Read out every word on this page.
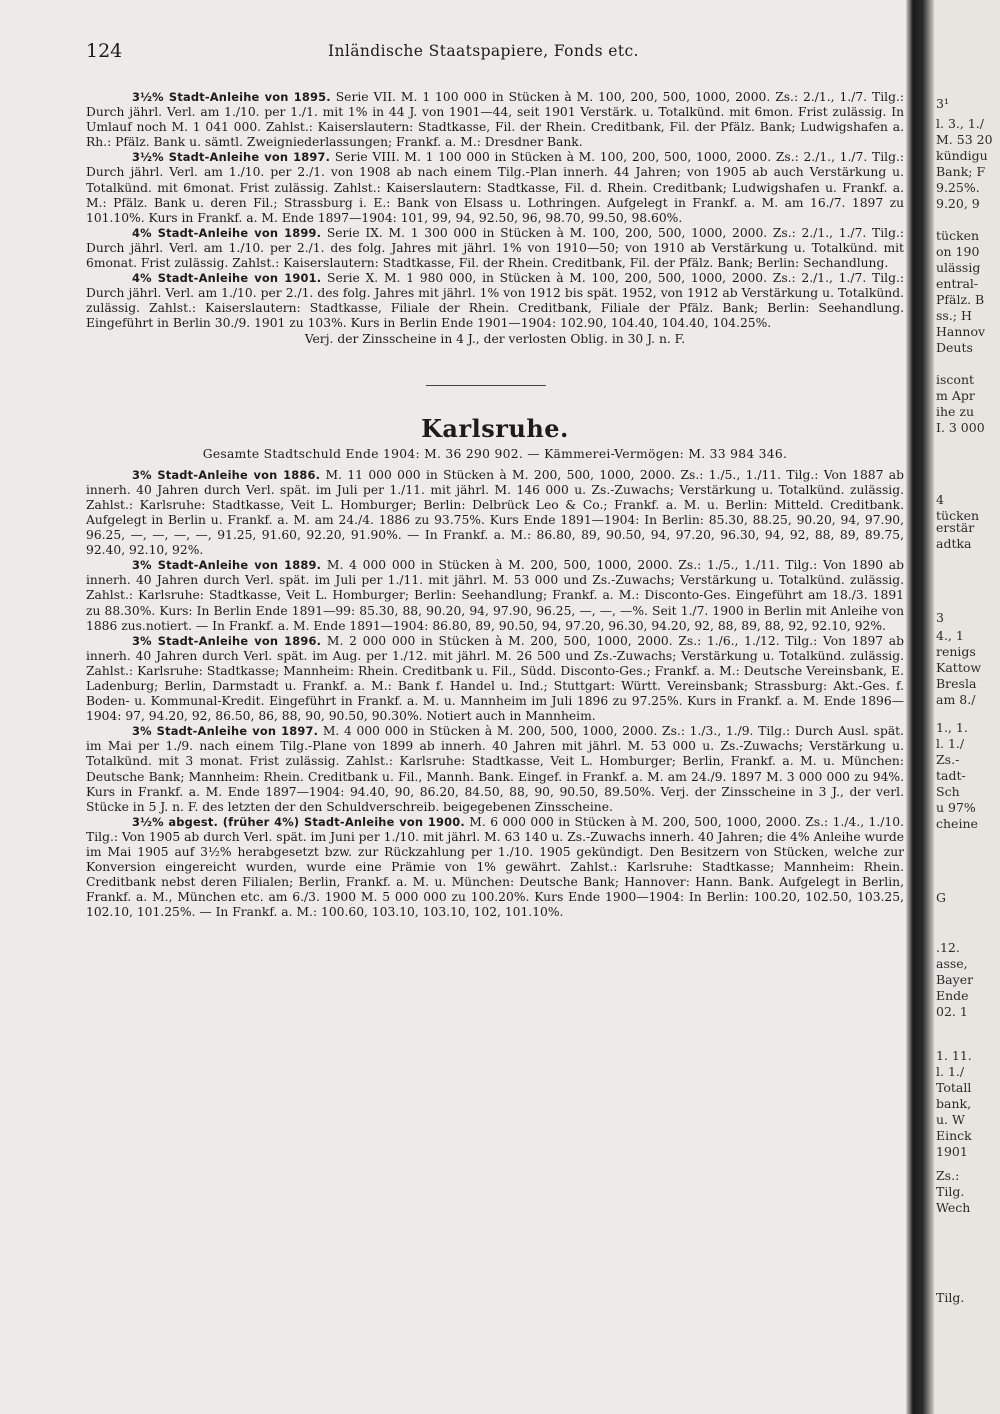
124	Inländische Staatspapiere, Fonds etc.

3½% Stadt-Anleihe von 1895. Serie VII. M. 1 100 000 in Stücken à M. 100, 200, 500, 1000, 2000. Zs.: 2./1., 1./7. Tilg.: Durch jährl. Verl. am 1./10. per 1./1. mit 1% in 44 J. von 1901—44, seit 1901 Verstärk. u. Totalkünd. mit 6mon. Frist zulässig. In Umlauf noch M. 1 041 000. Zahlst.: Kaiserslautern: Stadtkasse, Fil. der Rhein. Creditbank, Fil. der Pfälz. Bank; Ludwigshafen a. Rh.: Pfälz. Bank u. sämtl. Zweigniederlassungen; Frankf. a. M.: Dresdner Bank.

3½% Stadt-Anleihe von 1897. Serie VIII. M. 1 100 000 in Stücken à M. 100, 200, 500, 1000, 2000. Zs.: 2./1., 1./7. Tilg.: Durch jährl. Verl. am 1./10. per 2./1. von 1908 ab nach einem Tilg.-Plan innerh. 44 Jahren; von 1905 ab auch Verstärkung u. Totalkünd. mit 6monat. Frist zulässig. Zahlst.: Kaiserslautern: Stadtkasse, Fil. d. Rhein. Creditbank; Ludwigshafen u. Frankf. a. M.: Pfälz. Bank u. deren Fil.; Strassburg i. E.: Bank von Elsass u. Lothringen. Aufgelegt in Frankf. a. M. am 16./7. 1897 zu 101.10%. Kurs in Frankf. a. M. Ende 1897—1904: 101, 99, 94, 92.50, 96, 98.70, 99.50, 98.60%.

4% Stadt-Anleihe von 1899. Serie IX. M. 1 300 000 in Stücken à M. 100, 200, 500, 1000, 2000. Zs.: 2./1., 1./7. Tilg.: Durch jährl. Verl. am 1./10. per 2./1. des folg. Jahres mit jährl. 1% von 1910—50; von 1910 ab Verstärkung u. Totalkünd. mit 6monat. Frist zulässig. Zahlst.: Kaiserslautern: Stadtkasse, Fil. der Rhein. Creditbank, Fil. der Pfälz. Bank; Berlin: Sechandlung.

4% Stadt-Anleihe von 1901. Serie X. M. 1 980 000, in Stücken à M. 100, 200, 500, 1000, 2000. Zs.: 2./1., 1./7. Tilg.: Durch jährl. Verl. am 1./10. per 2./1. des folg. Jahres mit jährl. 1% von 1912 bis spät. 1952, von 1912 ab Verstärkung u. Totalkünd. zulässig. Zahlst.: Kaiserslautern: Stadtkasse, Filiale der Rhein. Creditbank, Filiale der Pfälz. Bank; Berlin: Seehandlung. Eingeführt in Berlin 30./9. 1901 zu 103%. Kurs in Berlin Ende 1901—1904: 102.90, 104.40, 104.40, 104.25%.

Verj. der Zinsscheine in 4 J., der verlosten Oblig. in 30 J. n. F.

Karlsruhe.

Gesamte Stadtschuld Ende 1904: M. 36 290 902. — Kämmerei-Vermögen: M. 33 984 346.

3% Stadt-Anleihe von 1886. M. 11 000 000 in Stücken à M. 200, 500, 1000, 2000. Zs.: 1./5., 1./11. Tilg.: Von 1887 ab innerh. 40 Jahren durch Verl. spät. im Juli per 1./11. mit jährl. M. 146 000 u. Zs.-Zuwachs; Verstärkung u. Totalkünd. zulässig. Zahlst.: Karlsruhe: Stadtkasse, Veit L. Homburger; Berlin: Delbrück Leo & Co.; Frankf. a. M. u. Berlin: Mitteld. Creditbank. Aufgelegt in Berlin u. Frankf. a. M. am 24./4. 1886 zu 93.75%. Kurs Ende 1891—1904: In Berlin: 85.30, 88.25, 90.20, 94, 97.90, 96.25, —, —, —, —, 91.25, 91.60, 92.20, 91.90%. — In Frankf. a. M.: 86.80, 89, 90.50, 94, 97.20, 96.30, 94, 92, 88, 89, 89.75, 92.40, 92.10, 92%.

3% Stadt-Anleihe von 1889. M. 4 000 000 in Stücken à M. 200, 500, 1000, 2000. Zs.: 1./5., 1./11. Tilg.: Von 1890 ab innerh. 40 Jahren durch Verl. spät. im Juli per 1./11. mit jährl. M. 53 000 und Zs.-Zuwachs; Verstärkung u. Totalkünd. zulässig. Zahlst.: Karlsruhe: Stadtkasse, Veit L. Homburger; Berlin: Seehandlung; Frankf. a. M.: Disconto-Ges. Eingeführt am 18./3. 1891 zu 88.30%. Kurs: In Berlin Ende 1891—99: 85.30, 88, 90.20, 94, 97.90, 96.25, —, —, —%. Seit 1./7. 1900 in Berlin mit Anleihe von 1886 zus.notiert. — In Frankf. a. M. Ende 1891—1904: 86.80, 89, 90.50, 94, 97.20, 96.30, 94.20, 92, 88, 89, 88, 92, 92.10, 92%.

3% Stadt-Anleihe von 1896. M. 2 000 000 in Stücken à M. 200, 500, 1000, 2000. Zs.: 1./6., 1./12. Tilg.: Von 1897 ab innerh. 40 Jahren durch Verl. spät. im Aug. per 1./12. mit jährl. M. 26 500 und Zs.-Zuwachs; Verstärkung u. Totalkünd. zulässig. Zahlst.: Karlsruhe: Stadtkasse; Mannheim: Rhein. Creditbank u. Fil., Südd. Disconto-Ges.; Frankf. a. M.: Deutsche Vereinsbank, E. Ladenburg; Berlin, Darmstadt u. Frankf. a. M.: Bank f. Handel u. Ind.; Stuttgart: Württ. Vereinsbank; Strassburg: Akt.-Ges. f. Boden- u. Kommunal-Kredit. Eingeführt in Frankf. a. M. u. Mannheim im Juli 1896 zu 97.25%. Kurs in Frankf. a. M. Ende 1896—1904: 97, 94.20, 92, 86.50, 86, 88, 90, 90.50, 90.30%. Notiert auch in Mannheim.

3% Stadt-Anleihe von 1897. M. 4 000 000 in Stücken à M. 200, 500, 1000, 2000. Zs.: 1./3., 1./9. Tilg.: Durch Ausl. spät. im Mai per 1./9. nach einem Tilg.-Plane von 1899 ab innerh. 40 Jahren mit jährl. M. 53 000 u. Zs.-Zuwachs; Verstärkung u. Totalkünd. mit 3 monat. Frist zulässig. Zahlst.: Karlsruhe: Stadtkasse, Veit L. Homburger; Berlin, Frankf. a. M. u. München: Deutsche Bank; Mannheim: Rhein. Creditbank u. Fil., Mannh. Bank. Eingef. in Frankf. a. M. am 24./9. 1897 M. 3 000 000 zu 94%. Kurs in Frankf. a. M. Ende 1897—1904: 94.40, 90, 86.20, 84.50, 88, 90, 90.50, 89.50%. Verj. der Zinsscheine in 3 J., der verl. Stücke in 5 J. n. F. des letzten der den Schuldverschreib. beigegebenen Zinsscheine.

3½% abgest. (früher 4%) Stadt-Anleihe von 1900. M. 6 000 000 in Stücken à M. 200, 500, 1000, 2000. Zs.: 1./4., 1./10. Tilg.: Von 1905 ab durch Verl. spät. im Juni per 1./10. mit jährl. M. 63 140 u. Zs.-Zuwachs innerh. 40 Jahren; die 4% Anleihe wurde im Mai 1905 auf 3½% herabgesetzt bzw. zur Rückzahlung per 1./10. 1905 gekündigt. Den Besitzern von Stücken, welche zur Konversion eingereicht wurden, wurde eine Prämie von 1% gewährt. Zahlst.: Karlsruhe: Stadtkasse; Mannheim: Rhein. Creditbank nebst deren Filialen; Berlin, Frankf. a. M. u. München: Deutsche Bank; Hannover: Hann. Bank. Aufgelegt in Berlin, Frankf. a. M., München etc. am 6./3. 1900 M. 5 000 000 zu 100.20%. Kurs Ende 1900—1904: In Berlin: 100.20, 102.50, 103.25, 102.10, 101.25%. — In Frankf. a. M.: 100.60, 103.10, 103.10, 102, 101.10%.

3¹
l. 3., 1./
M. 53 20
kündigu
Bank; F
9.25%.
9.20, 9
tücken
on 190
ulässig
entral-
Pfälz. B
ss.; H
Hannov
Deuts
iscont
m Apr
ihe zu
I. 3 000
4
tücken
erstär
adtka
3
4., 1
renigs
Kattow
Bresla
am 8./
1., 1.
l. 1./
Zs.-
tadt-
Sch
u 97%
cheine
G
.12.
asse,
Bayer
Ende
02. 1
1. 11.
l. 1./
Totall
bank,
u. W
Einck
1901
Zs.:
Tilg.
Wech
Tilg.
